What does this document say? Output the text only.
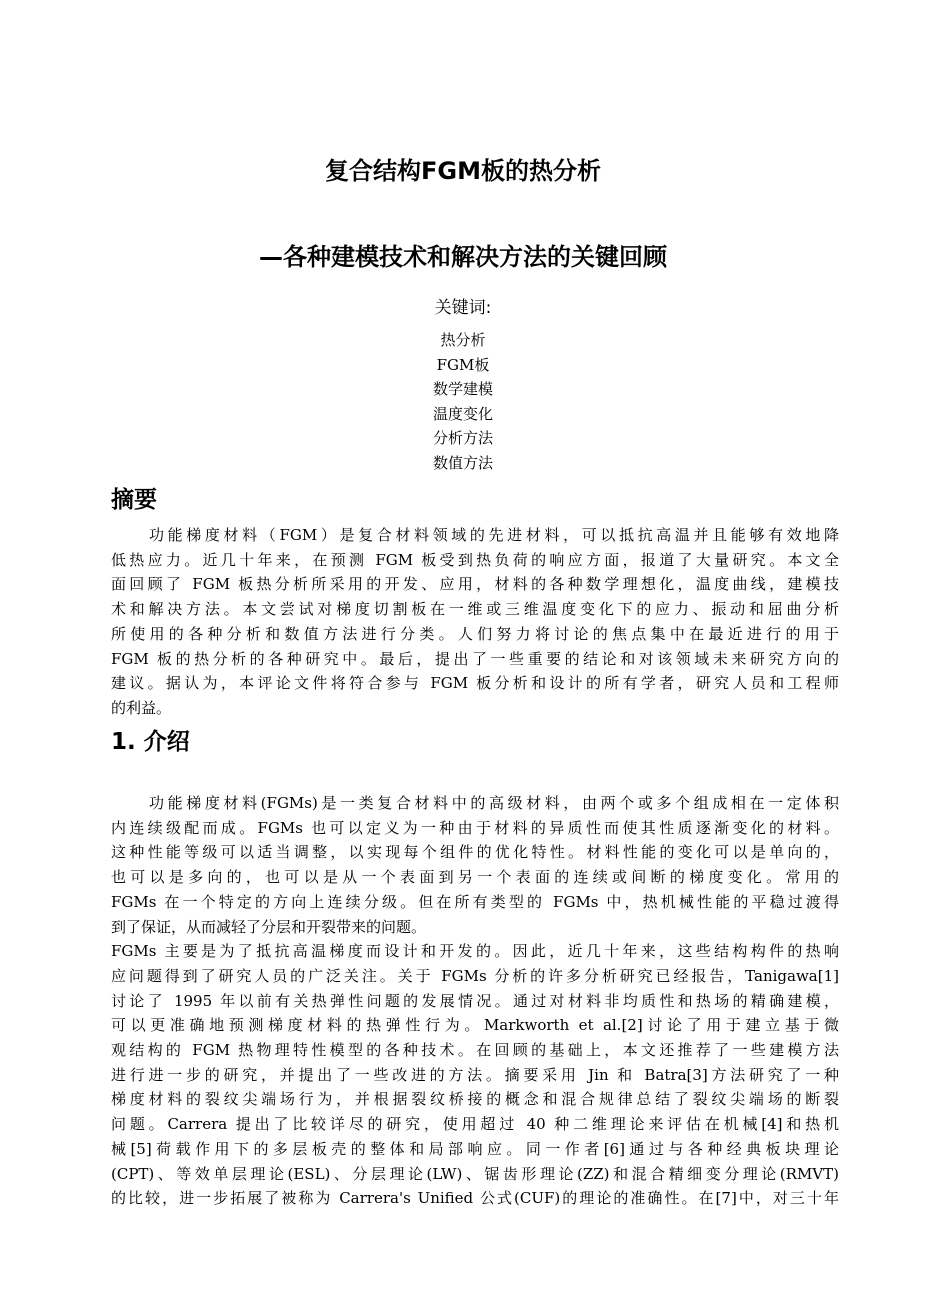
复合结构FGM板的热分析
—各种建模技术和解决方法的关键回顾
关键词:
热分析
FGM板
数学建模
温度变化
分析方法
数值方法
摘要

功能梯度材料（FGM）是复合材料领域的先进材料，可以抵抗高温并且能够有效地降

低热应力。近几十年来，在预测 FGM 板受到热负荷的响应方面，报道了大量研究。本文全

面回顾了 FGM 板热分析所采用的开发、应用，材料的各种数学理想化，温度曲线，建模技

术和解决方法。本文尝试对梯度切割板在一维或三维温度变化下的应力、振动和屈曲分析

所使用的各种分析和数值方法进行分类。人们努力将讨论的焦点集中在最近进行的用于

FGM 板的热分析的各种研究中。最后，提出了一些重要的结论和对该领域未来研究方向的

建议。据认为，本评论文件将符合参与 FGM 板分析和设计的所有学者，研究人员和工程师

的利益。

1. 介绍

功能梯度材料(FGMs)是一类复合材料中的高级材料，由两个或多个组成相在一定体积

内连续级配而成。FGMs 也可以定义为一种由于材料的异质性而使其性质逐渐变化的材料。

这种性能等级可以适当调整，以实现每个组件的优化特性。材料性能的变化可以是单向的，

也可以是多向的，也可以是从一个表面到另一个表面的连续或间断的梯度变化。常用的

FGMs 在一个特定的方向上连续分级。但在所有类型的 FGMs 中，热机械性能的平稳过渡得

到了保证，从而减轻了分层和开裂带来的问题。

FGMs 主要是为了抵抗高温梯度而设计和开发的。因此，近几十年来，这些结构构件的热响

应问题得到了研究人员的广泛关注。关于 FGMs 分析的许多分析研究已经报告，Tanigawa[1]

讨论了 1995 年以前有关热弹性问题的发展情况。通过对材料非均质性和热场的精确建模，

可以更准确地预测梯度材料的热弹性行为。Markworth et al.[2]讨论了用于建立基于微

观结构的 FGM 热物理特性模型的各种技术。在回顾的基础上，本文还推荐了一些建模方法

进行进一步的研究，并提出了一些改进的方法。摘要采用 Jin 和 Batra[3]方法研究了一种

梯度材料的裂纹尖端场行为，并根据裂纹桥接的概念和混合规律总结了裂纹尖端场的断裂

问题。Carrera 提出了比较详尽的研究，使用超过 40 种二维理论来评估在机械[4]和热机

械[5]荷载作用下的多层板壳的整体和局部响应。同一作者[6]通过与各种经典板块理论

(CPT)、等效单层理论(ESL)、分层理论(LW)、锯齿形理论(ZZ)和混合精细变分理论(RMVT)

的比较，进一步拓展了被称为 Carrera's Unified 公式(CUF)的理论的准确性。在[7]中，对三十年
